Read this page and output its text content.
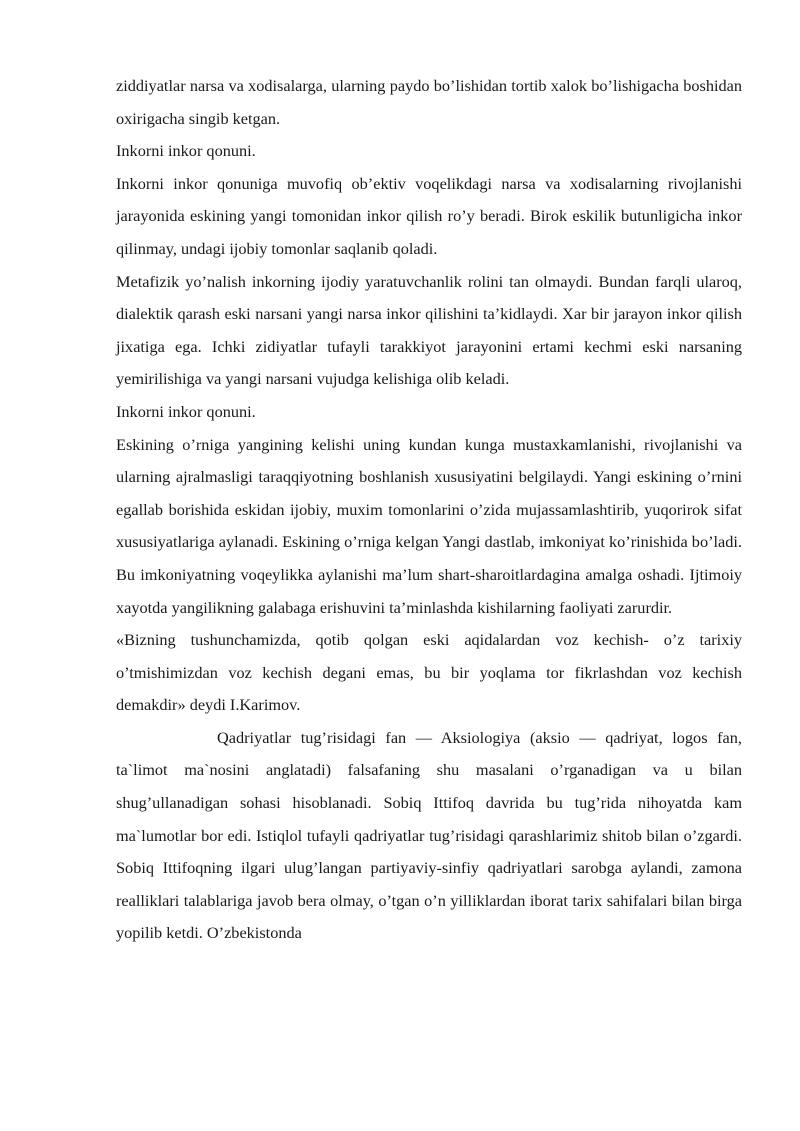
ziddiyatlar narsa va xodisalarga, ularning paydo bo’lishidan tortib xalok bo’lishigacha boshidan oxirigacha singib ketgan.

Inkorni inkor qonuni.

Inkorni inkor qonuniga muvofiq ob’ektiv voqelikdagi narsa va xodisalarning rivojlanishi jarayonida eskining yangi tomonidan inkor qilish ro’y beradi. Birok eskilik butunligicha inkor qilinmay, undagi ijobiy tomonlar saqlanib qoladi.

Metafizik yo’nalish inkorning ijodiy yaratuvchanlik rolini tan olmaydi. Bundan farqli ularoq, dialektik qarash eski narsani yangi narsa inkor qilishini ta’kidlaydi. Xar bir jarayon inkor qilish jixatiga ega. Ichki zidiyatlar tufayli tarakkiyot jarayonini ertami kechmi eski narsaning yemirilishiga va yangi narsani vujudga kelishiga olib keladi.

Inkorni inkor qonuni.

Eskining o’rniga yangining kelishi uning kundan kunga mustaxkamlanishi, rivojlanishi va ularning ajralmasligi taraqqiyotning boshlanish xususiyatini belgilaydi. Yangi eskining o’rnini egallab borishida eskidan ijobiy, muxim tomonlarini o’zida mujassamlashtirib, yuqorirok sifat xususiyatlariga aylanadi. Eskining o’rniga kelgan Yangi dastlab, imkoniyat ko’rinishida bo’ladi. Bu imkoniyatning voqeylikka aylanishi ma’lum shart-sharoitlardagina amalga oshadi. Ijtimoiy xayotda yangilikning galabaga erishuvini ta’minlashda kishilarning faoliyati zarurdir.

«Bizning tushunchamizda, qotib qolgan eski aqidalardan voz kechish- o’z tarixiy o’tmishimizdan voz kechish degani emas, bu bir yoqlama tor fikrlashdan voz kechish demakdir» deydi I.Karimov.

Qadriyatlar tug’risidagi fan — Aksiologiya (aksio — qadriyat, logos fan, ta`limot ma`nosini anglatadi) falsafaning shu masalani o’rganadigan va u bilan shug’ullanadigan sohasi hisoblanadi. Sobiq Ittifoq davrida bu tug’rida nihoyatda kam ma`lumotlar bor edi. Istiqlol tufayli qadriyatlar tug’risidagi qarashlarimiz shitob bilan o’zgardi. Sobiq Ittifoqning ilgari ulug’langan partiyaviy-sinfiy qadriyatlari sarobga aylandi, zamona realliklari talablariga javob bera olmay, o’tgan o’n yilliklardan iborat tarix sahifalari bilan birga yopilib ketdi. O’zbekistonda
